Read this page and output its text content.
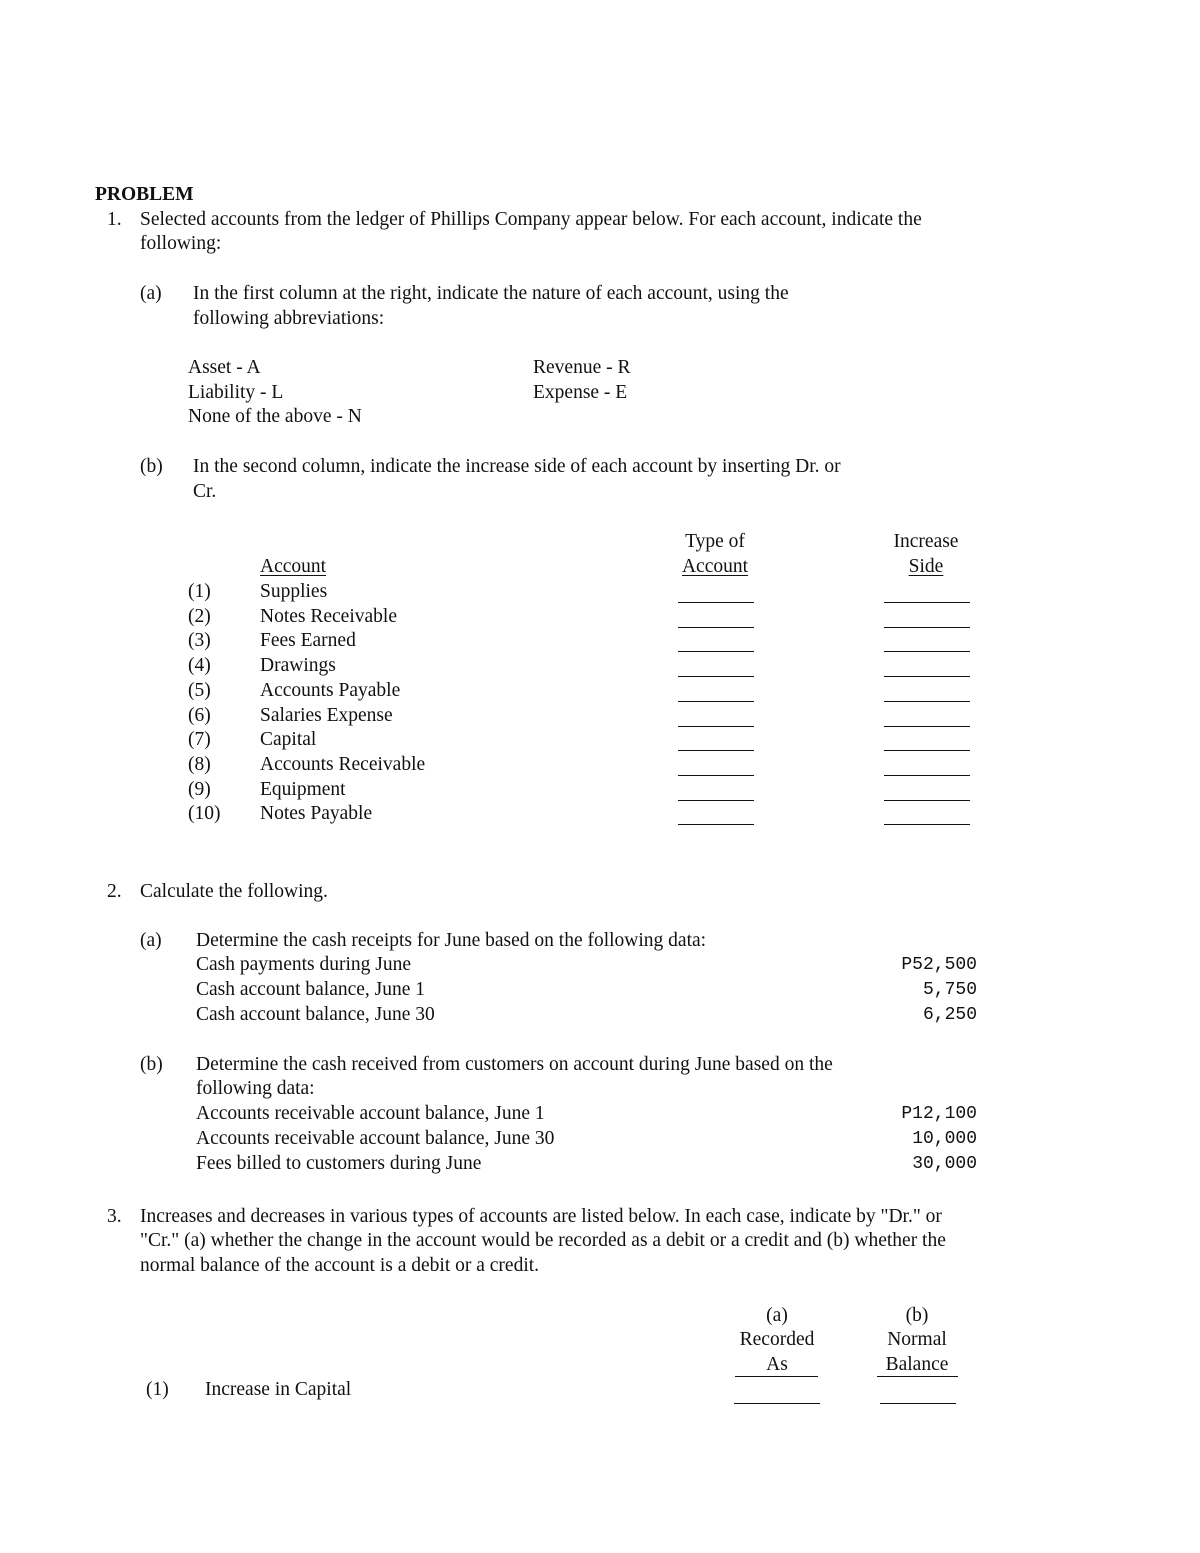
PROBLEM
1. Selected accounts from the ledger of Phillips Company appear below. For each account, indicate the
following:
(a) In the first column at the right, indicate the nature of each account, using the
following abbreviations:
Asset - A
Liability - L
None of the above - N
Revenue - R
Expense - E
(b) In the second column, indicate the increase side of each account by inserting Dr. or
Cr.
Account
Type of
Account
Increase
Side
(1)	Supplies
(2)	Notes Receivable
(3)	Fees Earned
(4)	Drawings
(5)	Accounts Payable
(6)	Salaries Expense
(7)	Capital
(8)	Accounts Receivable
(9)	Equipment
(10) Notes Payable
2. Calculate the following.
(a) Determine the cash receipts for June based on the following data:
Cash payments during June	P52,500
Cash account balance, June 1	5,750
Cash account balance, June 30	6,250
(b) Determine the cash received from customers on account during June based on the
following data:
Accounts receivable account balance, June 1	P12,100
Accounts receivable account balance, June 30	10,000
Fees billed to customers during June	30,000
3. Increases and decreases in various types of accounts are listed below. In each case, indicate by "Dr." or
"Cr." (a) whether the change in the account would be recorded as a debit or a credit and (b) whether the
normal balance of the account is a debit or a credit.
(a)
Recorded
As
(b)
Normal
Balance
(1) Increase in Capital
